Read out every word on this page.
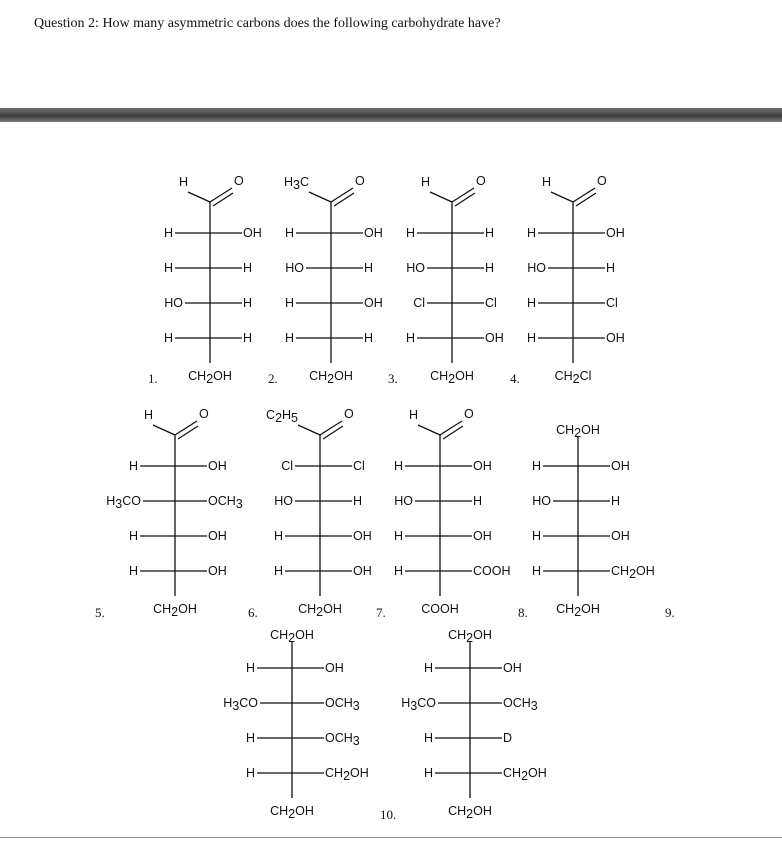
Question 2: How many asymmetric carbons does the following carbohydrate have?
H	O
H	OH
H	H
HO	H
H	H
CH2OH
1.
H3C	O
H	OH
HO	H
H	OH
H	H
CH2OH
2.
H	O
H	H
HO	H
Cl	Cl
H	OH
CH2OH
3.
H	O
H	OH
HO	H
H	Cl
H	OH
CH2Cl
4.
H	O
H	OH
H3CO	OCH3
H	OH
H	OH
CH2OH
5.
C2H5	O
Cl	Cl
HO	H
H	OH
H	OH
CH2OH
6.
H	O
H	OH
HO	H
H	OH
H	COOH
COOH
7.
CH2OH
H	OH
HO	H
H	OH
H	CH2OH
CH2OH
8.
CH2OH
H	OH
H3CO	OCH3
H	OCH3
H	CH2OH
CH2OH
CH2OH
H	OH
H3CO	OCH3
H	D
H	CH2OH
CH2OH
10.
9.
